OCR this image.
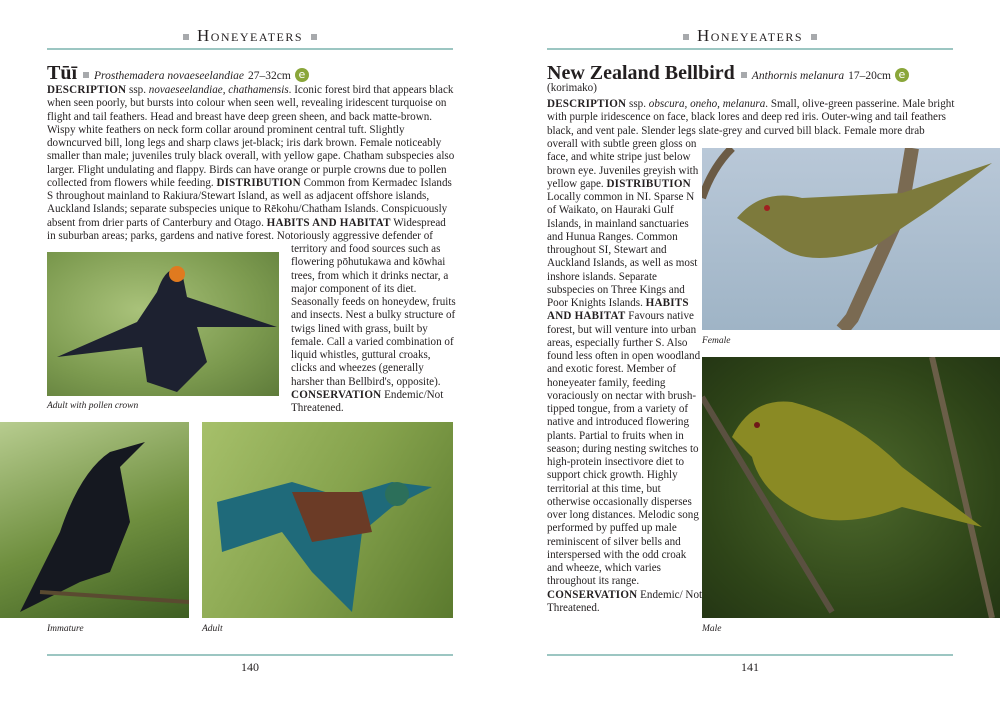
Honeyeaters
Tūī Prosthemadera novaeseelandiae 27–32cm e
DESCRIPTION ssp. novaeseelandiae, chathamensis. Iconic forest bird that appears black when seen poorly, but bursts into colour when seen well, revealing iridescent turquoise on flight and tail feathers. Head and breast have deep green sheen, and back matte-brown. Wispy white feathers on neck form collar around prominent central tuft. Slightly downcurved bill, long legs and sharp claws jet-black; iris dark brown. Female noticeably smaller than male; juveniles truly black overall, with yellow gape. Chatham subspecies also larger. Flight undulating and flappy. Birds can have orange or purple crowns due to pollen collected from flowers while feeding. DISTRIBUTION Common from Kermadec Islands S throughout mainland to Rakiura/Stewart Island, as well as adjacent offshore islands, Auckland Islands; separate subspecies unique to Rēkohu/Chatham Islands. Conspicuously absent from drier parts of Canterbury and Otago. HABITS AND HABITAT Widespread in suburban areas; parks, gardens and native forest. Notoriously aggressive defender of
territory and food sources such as flowering pōhutukawa and kōwhai trees, from which it drinks nectar, a major component of its diet. Seasonally feeds on honeydew, fruits and insects. Nest a bulky structure of twigs lined with grass, built by female. Call a varied combination of liquid whistles, guttural croaks, clicks and wheezes (generally harsher than Bellbird's, opposite). CONSERVATION Endemic/Not Threatened.
Adult with pollen crown
Immature	Adult
140
Honeyeaters
New Zealand Bellbird Anthornis melanura 17–20cm e
(korimako)
DESCRIPTION ssp. obscura, oneho, melanura. Small, olive-green passerine. Male bright with purple iridescence on face, black lores and deep red iris. Outer-wing and tail feathers black, and vent pale. Slender legs slate-grey and curved bill black. Female more drab
overall with subtle green gloss on face, and white stripe just below brown eye. Juveniles greyish with yellow gape. DISTRIBUTION Locally common in NI. Sparse N of Waikato, on Hauraki Gulf Islands, in mainland sanctuaries and Hunua Ranges. Common throughout SI, Stewart and Auckland Islands, as well as most inshore islands. Separate subspecies on Three Kings and Poor Knights Islands. HABITS AND HABITAT Favours native forest, but will venture into urban areas, especially further S. Also found less often in open woodland and exotic forest. Member of honeyeater family, feeding voraciously on nectar with brush-tipped tongue, from a variety of native and introduced flowering plants. Partial to fruits when in season; during nesting switches to high-protein insectivore diet to support chick growth. Highly territorial at this time, but otherwise occasionally disperses over long distances. Melodic song performed by puffed up male reminiscent of silver bells and interspersed with the odd croak and wheeze, which varies throughout its range. CONSERVATION Endemic/ Not Threatened.
Female
Male
141
